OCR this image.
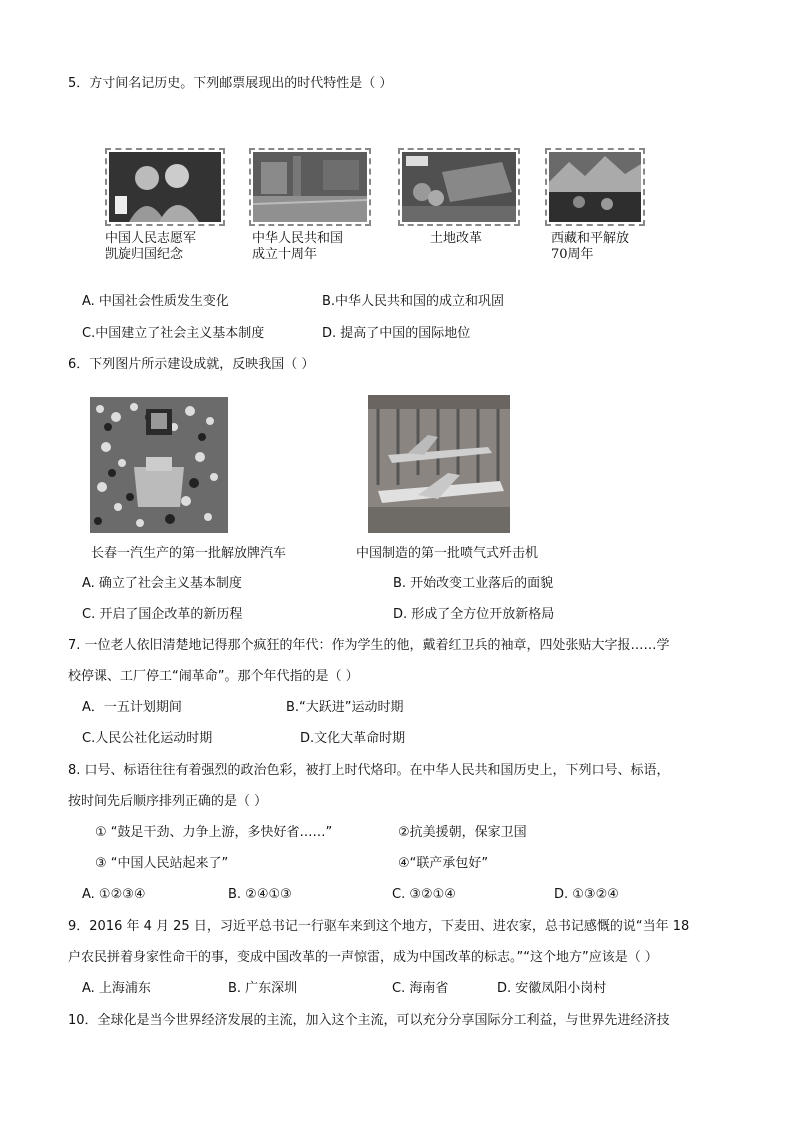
5．方寸间名记历史。下列邮票展现出的时代特性是（ ）
中国人民志愿军
凯旋归国纪念
中华人民共和国
成立十周年
土地改革	西藏和平解放
70周年
A. 中国社会性质发生变化	B.中华人民共和国的成立和巩固
C.中国建立了社会主义基本制度	D. 提高了中国的国际地位
6．下列图片所示建设成就，反映我国（ ）
长春一汽生产的第一批解放牌汽车	中国制造的第一批喷气式歼击机
A. 确立了社会主义基本制度	B. 开始改变工业落后的面貌
C. 开启了国企改革的新历程	D. 形成了全方位开放新格局
7. 一位老人依旧清楚地记得那个疯狂的年代：作为学生的他，戴着红卫兵的袖章，四处张贴大字报……学
校停课、工厂停工“闹革命”。那个年代指的是（ ）
A．一五计划期间	B.“大跃进”运动时期
C.人民公社化运动时期	D.文化大革命时期
8. 口号、标语往往有着强烈的政治色彩，被打上时代烙印。在中华人民共和国历史上，下列口号、标语，
按时间先后顺序排列正确的是（ ）
① “鼓足干劲、力争上游，多快好省……”	②抗美援朝，保家卫国
③ “中国人民站起来了”	④“联产承包好”
A. ①②③④	B. ②④①③	C. ③②①④	D. ①③②④
9．2016 年 4 月 25 日，习近平总书记一行驱车来到这个地方，下麦田、进农家，总书记感慨的说“当年 18
户农民拼着身家性命干的事，变成中国改革的一声惊雷，成为中国改革的标志。”“这个地方”应该是（ ）
A. 上海浦东	B. 广东深圳	C. 海南省	D. 安徽凤阳小岗村
10．全球化是当今世界经济发展的主流，加入这个主流，可以充分分享国际分工利益，与世界先进经济技
